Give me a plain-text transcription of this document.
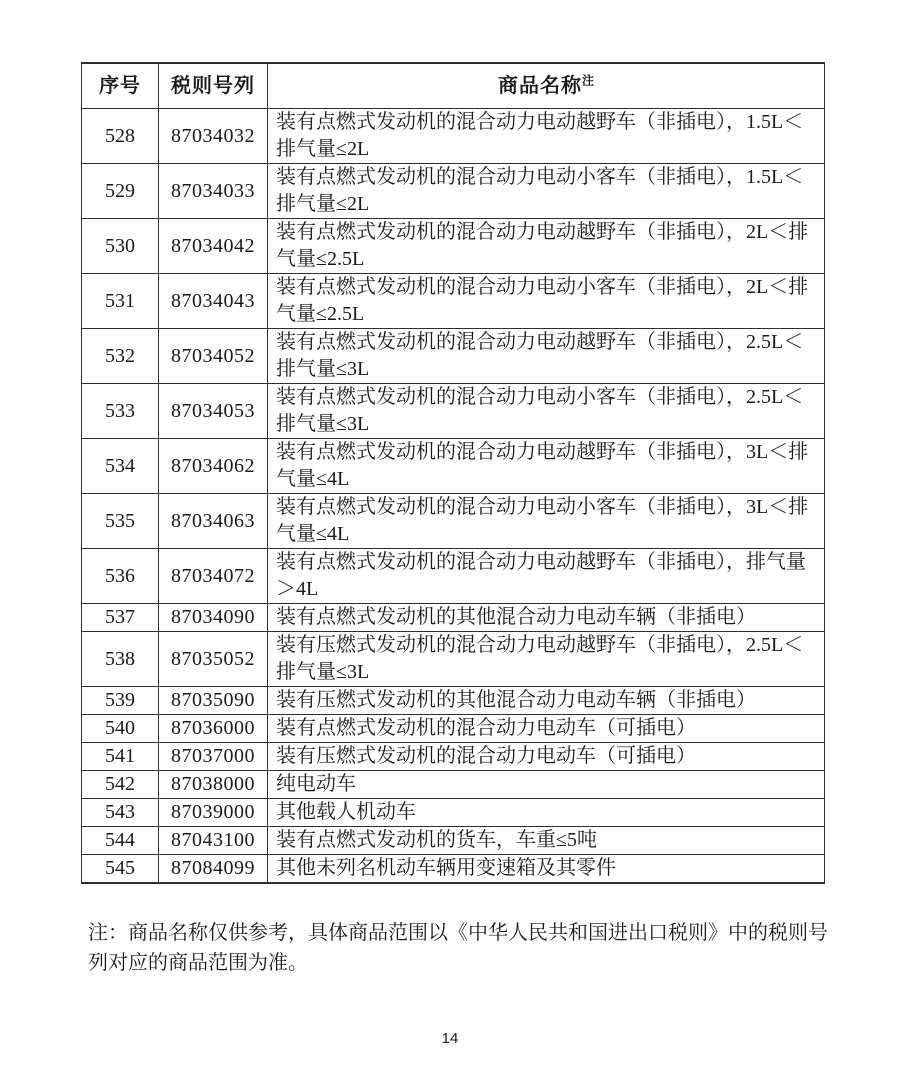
序号	税则号列	商品名称$^注$
528	87034032	装有点燃式发动机的混合动力电动越野车（非插电），1.5L＜排气量≤2L
529	87034033	装有点燃式发动机的混合动力电动小客车（非插电），1.5L＜排气量≤2L
530	87034042	装有点燃式发动机的混合动力电动越野车（非插电），2L＜排气量≤2.5L
531	87034043	装有点燃式发动机的混合动力电动小客车（非插电），2L＜排气量≤2.5L
532	87034052	装有点燃式发动机的混合动力电动越野车（非插电），2.5L＜排气量≤3L
533	87034053	装有点燃式发动机的混合动力电动小客车（非插电），2.5L＜排气量≤3L
534	87034062	装有点燃式发动机的混合动力电动越野车（非插电），3L＜排气量≤4L
535	87034063	装有点燃式发动机的混合动力电动小客车（非插电），3L＜排气量≤4L
536	87034072	装有点燃式发动机的混合动力电动越野车（非插电），排气量＞4L
537	87034090	装有点燃式发动机的其他混合动力电动车辆（非插电）
538	87035052	装有压燃式发动机的混合动力电动越野车（非插电），2.5L＜排气量≤3L
539	87035090	装有压燃式发动机的其他混合动力电动车辆（非插电）
540	87036000	装有点燃式发动机的混合动力电动车（可插电）
541	87037000	装有压燃式发动机的混合动力电动车（可插电）
542	87038000	纯电动车
543	87039000	其他载人机动车
544	87043100	装有点燃式发动机的货车，车重≤5吨
545	87084099	其他未列名机动车辆用变速箱及其零件

注：商品名称仅供参考，具体商品范围以《中华人民共和国进出口税则》中的税则号列对应的商品范围为准。

14
